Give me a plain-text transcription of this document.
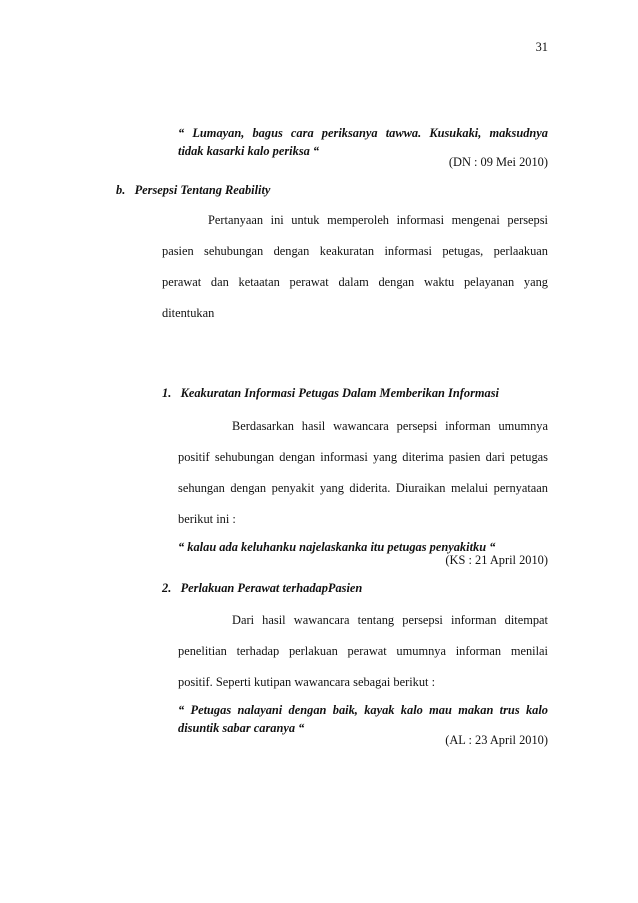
31
“ Lumayan, bagus cara periksanya tawwa. Kusukaki, maksudnya
tidak kasarki kalo periksa “
(DN : 09 Mei 2010)
b.   Persepsi Tentang Reability
Pertanyaan ini untuk memperoleh informasi mengenai persepsi
pasien sehubungan dengan keakuratan informasi petugas, perlaakuan
perawat dan ketaatan perawat dalam dengan waktu pelayanan yang
ditentukan
1.   Keakuratan Informasi Petugas Dalam Memberikan Informasi
Berdasarkan hasil wawancara persepsi informan umumnya
positif sehubungan dengan informasi yang diterima pasien dari petugas
sehungan dengan penyakit yang diderita. Diuraikan melalui pernyataan
berikut ini :
“ kalau ada keluhanku najelaskanka itu petugas penyakitku “
(KS : 21 April 2010)
2.   Perlakuan Perawat terhadapPasien
Dari hasil wawancara tentang persepsi informan ditempat
penelitian terhadap perlakuan perawat umumnya informan menilai
positif. Seperti kutipan wawancara sebagai berikut :
“ Petugas nalayani dengan baik, kayak kalo mau makan trus kalo
disuntik sabar caranya “
(AL : 23 April 2010)
